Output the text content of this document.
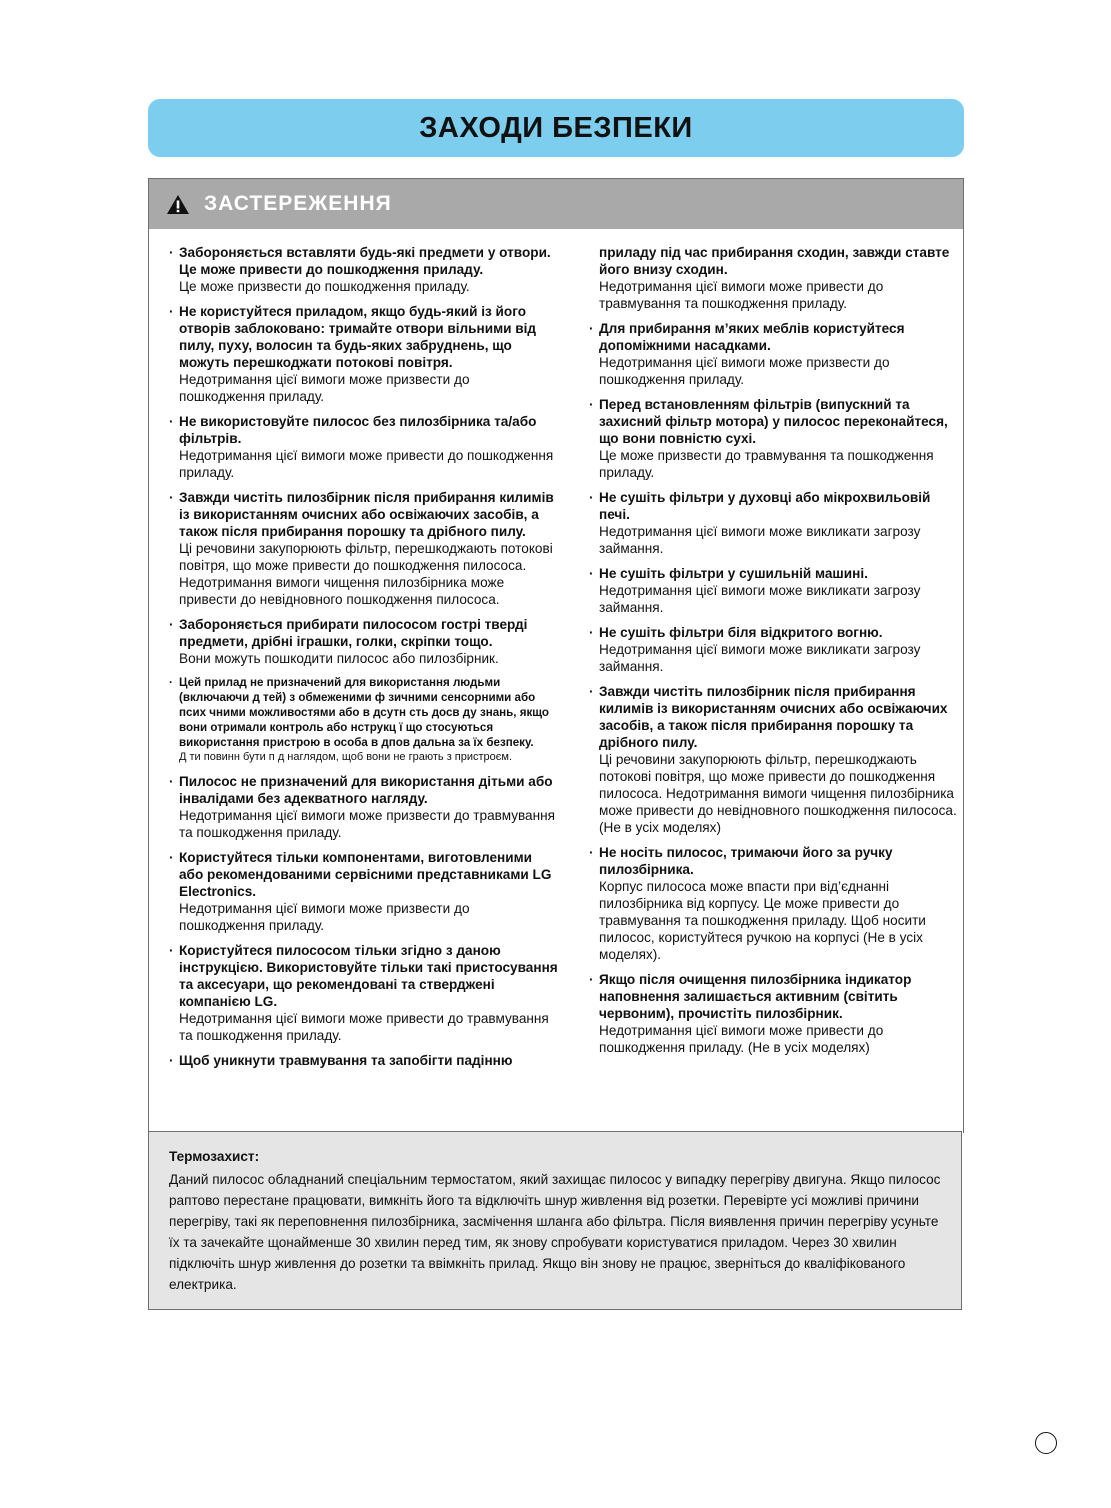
ЗАХОДИ БЕЗПЕКИ
ЗАСТЕРЕЖЕННЯ
· Забороняється вставляти будь-які предмети у отвори. Це може привести до пошкодження приладу.
Це може призвести до пошкодження приладу.
· Не користуйтеся приладом, якщо будь-який із його отворів заблоковано: тримайте отвори вільними від пилу, пуху, волосин та будь-яких забруднень, що можуть перешкоджати потокові повітря.
Недотримання цієї вимоги може призвести до пошкодження приладу.
· Не використовуйте пилосос без пилозбірника та/або фільтрів.
Недотримання цієї вимоги може привести до пошкодження приладу.
· Завжди чистіть пилозбірник після прибирання килимів із використанням очисних або освіжаючих засобів, а також після прибирання порошку та дрібного пилу.
Ці речовини закупорюють фільтр, перешкоджають потокові повітря, що може привести до пошкодження пилососа. Недотримання вимоги чищення пилозбірника може привести до невідновного пошкодження пилососа.
· Забороняється прибирати пилососом гострі тверді предмети, дрібні іграшки, голки, скріпки тощо.
Вони можуть пошкодити пилосос або пилозбірник.
· Цей прилад не призначений для використання людьми (включаючи д тей) з обмеженими ф зичними сенсорними або псих чними можливостями або в дсутн сть досв ду знань, якщо вони отримали контроль або нструкц ї що стосуються використання пристрою в особа в дпов дальна за їх безпеку.
Д ти повинн бути п д наглядом, щоб вони не грають з пристроєм.
· Пилосос не призначений для використання дітьми або інвалідами без адекватного нагляду.
Недотримання цієї вимоги може призвести до травмування та пошкодження приладу.
· Користуйтеся тільки компонентами, виготовленими або рекомендованими сервісними представниками LG Electronics.
Недотримання цієї вимоги може призвести до пошкодження приладу.
· Користуйтеся пилососом тільки згідно з даною інструкцією. Використовуйте тільки такі пристосування та аксесуари, що рекомендовані та стверджені компанією LG.
Недотримання цієї вимоги може привести до травмування та пошкодження приладу.
· Щоб уникнути травмування та запобігти падінню
приладу під час прибирання сходин, завжди ставте його внизу сходин.
Недотримання цієї вимоги може привести до травмування та пошкодження приладу.
· Для прибирання м’яких меблів користуйтеся допоміжними насадками.
Недотримання цієї вимоги може призвести до пошкодження приладу.
· Перед встановленням фільтрів (випускний та захисний фільтр мотора) у пилосос переконайтеся, що вони повністю сухі.
Це може призвести до травмування та пошкодження приладу.
· Не сушіть фільтри у духовці або мікрохвильовій печі.
Недотримання цієї вимоги може викликати загрозу займання.
· Не сушіть фільтри у сушильній машині.
Недотримання цієї вимоги може викликати загрозу займання.
· Не сушіть фільтри біля відкритого вогню.
Недотримання цієї вимоги може викликати загрозу займання.
· Завжди чистіть пилозбірник після прибирання килимів із використанням очисних або освіжаючих засобів, а також після прибирання порошку та дрібного пилу.
Ці речовини закупорюють фільтр, перешкоджають потокові повітря, що може привести до пошкодження пилососа. Недотримання вимоги чищення пилозбірника може привести до невідновного пошкодження пилососа. (Не в усіх моделях)
· Не носіть пилосос, тримаючи його за ручку пилозбірника.
Корпус пилососа може впасти при від’єднанні пилозбірника від корпусу. Це може привести до травмування та пошкодження приладу. Щоб носити пилосос, користуйтеся ручкою на корпусі (Не в усіх моделях).
· Якщо після очищення пилозбірника індикатор наповнення залишається активним (світить червоним), прочистіть пилозбірник.
Недотримання цієї вимоги може привести до пошкодження приладу. (Не в усіх моделях)
Термозахист:
Даний пилосос обладнаний спеціальним термостатом, який захищає пилосос у випадку перегріву двигуна. Якщо пилосос раптово перестане працювати, вимкніть його та відключіть шнур живлення від розетки. Перевірте усі можливі причини перегріву, такі як переповнення пилозбірника, засмічення шланга або фільтра. Після виявлення причин перегріву усуньте їх та зачекайте щонайменше 30 хвилин перед тим, як знову спробувати користуватися приладом. Через 30 хвилин підключіть шнур живлення до розетки та ввімкніть прилад. Якщо він знову не працює, зверніться до кваліфікованого електрика.
